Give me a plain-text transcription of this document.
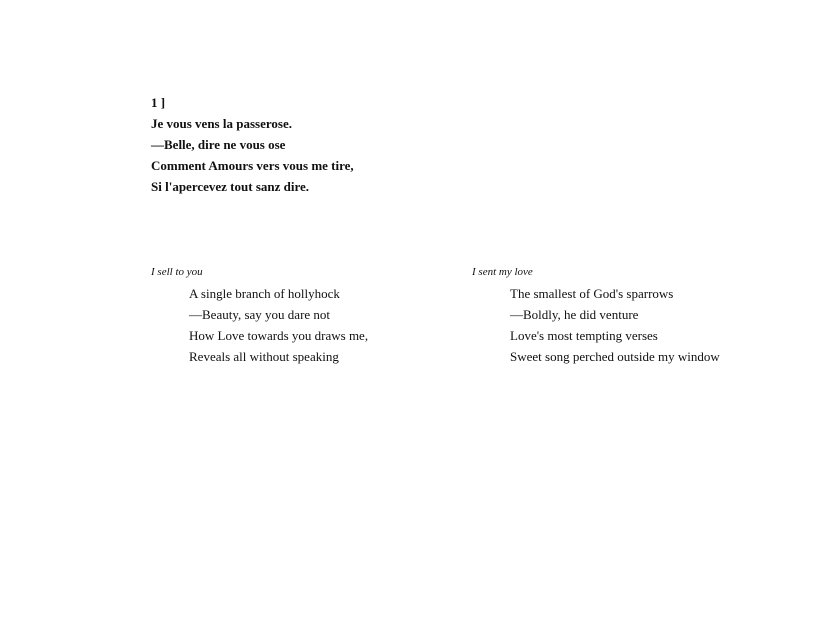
1 ]
Je vous vens la passerose.
—Belle, dire ne vous ose
Comment Amours vers vous me tire,
Si l'apercevez tout sanz dire.
I sell to you
A single branch of hollyhock
—Beauty, say you dare not
How Love towards you draws me,
Reveals all without speaking
I sent my love
The smallest of God's sparrows
—Boldly, he did venture
Love's most tempting verses
Sweet song perched outside my window
